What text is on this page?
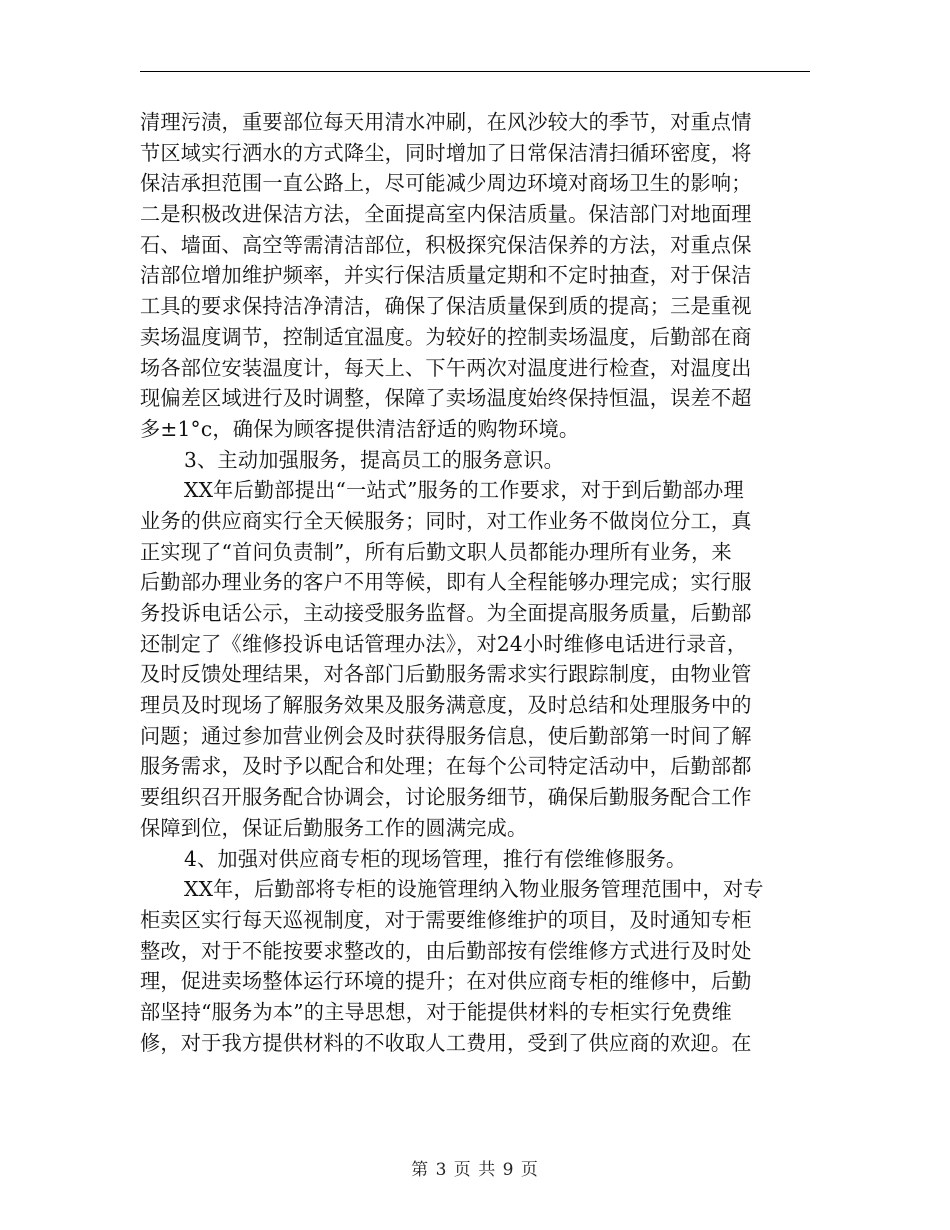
清理污渍，重要部位每天用清水冲刷，在风沙较大的季节，对重点情
节区域实行洒水的方式降尘，同时增加了日常保洁清扫循环密度，将
保洁承担范围一直公路上，尽可能减少周边环境对商场卫生的影响；
二是积极改进保洁方法，全面提高室内保洁质量。保洁部门对地面理
石、墙面、高空等需清洁部位，积极探究保洁保养的方法，对重点保
洁部位增加维护频率，并实行保洁质量定期和不定时抽查，对于保洁
工具的要求保持洁净清洁，确保了保洁质量保到质的提高；三是重视
卖场温度调节，控制适宜温度。为较好的控制卖场温度，后勤部在商
场各部位安装温度计，每天上、下午两次对温度进行检查，对温度出
现偏差区域进行及时调整，保障了卖场温度始终保持恒温，误差不超
多±1°c，确保为顾客提供清洁舒适的购物环境。
3、主动加强服务，提高员工的服务意识。
XX年后勤部提出“一站式”服务的工作要求，对于到后勤部办理
业务的供应商实行全天候服务；同时，对工作业务不做岗位分工，真
正实现了“首问负责制”，所有后勤文职人员都能办理所有业务，来
后勤部办理业务的客户不用等候，即有人全程能够办理完成；实行服
务投诉电话公示，主动接受服务监督。为全面提高服务质量，后勤部
还制定了《维修投诉电话管理办法》，对24小时维修电话进行录音，
及时反馈处理结果，对各部门后勤服务需求实行跟踪制度，由物业管
理员及时现场了解服务效果及服务满意度，及时总结和处理服务中的
问题；通过参加营业例会及时获得服务信息，使后勤部第一时间了解
服务需求，及时予以配合和处理；在每个公司特定活动中，后勤部都
要组织召开服务配合协调会，讨论服务细节，确保后勤服务配合工作
保障到位，保证后勤服务工作的圆满完成。
4、加强对供应商专柜的现场管理，推行有偿维修服务。
XX年，后勤部将专柜的设施管理纳入物业服务管理范围中，对专
柜卖区实行每天巡视制度，对于需要维修维护的项目，及时通知专柜
整改，对于不能按要求整改的，由后勤部按有偿维修方式进行及时处
理，促进卖场整体运行环境的提升；在对供应商专柜的维修中，后勤
部坚持“服务为本”的主导思想，对于能提供材料的专柜实行免费维
修，对于我方提供材料的不收取人工费用，受到了供应商的欢迎。在
第 3 页 共 9 页
